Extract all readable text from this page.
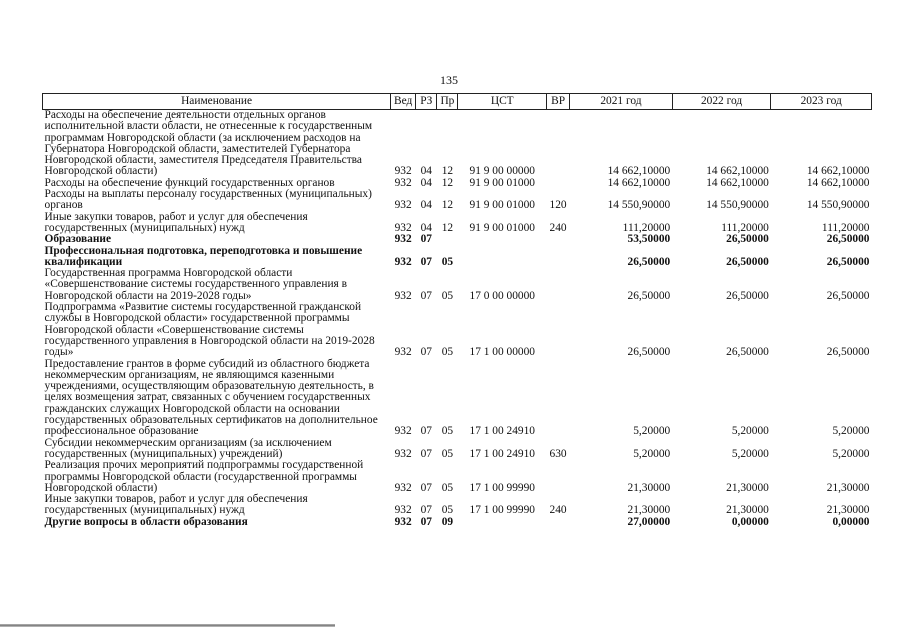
135
Наименование	Вед	РЗ	Пр	ЦСТ	ВР	2021 год	2022 год	2023 год
Расходы на обеспечение деятельности отдельных органов исполнительной власти области, не отнесенные к государственным программам Новгородской области (за исключением расходов на Губернатора Новгородской области, заместителей Губернатора Новгородской области, заместителя Председателя Правительства Новгородской области)	932	04	12	91 9 00 00000		14 662,10000	14 662,10000	14 662,10000
Расходы на обеспечение функций государственных органов	932	04	12	91 9 00 01000		14 662,10000	14 662,10000	14 662,10000
Расходы на выплаты персоналу государственных (муниципальных) органов	932	04	12	91 9 00 01000	120	14 550,90000	14 550,90000	14 550,90000
Иные закупки товаров, работ и услуг для обеспечения государственных (муниципальных) нужд	932	04	12	91 9 00 01000	240	111,20000	111,20000	111,20000
Образование	932	07				53,50000	26,50000	26,50000
Профессиональная подготовка, переподготовка и повышение квалификации	932	07	05			26,50000	26,50000	26,50000
Государственная программа Новгородской области «Совершенствование системы государственного управления в Новгородской области на 2019-2028 годы»	932	07	05	17 0 00 00000		26,50000	26,50000	26,50000
Подпрограмма «Развитие системы государственной гражданской службы в Новгородской области» государственной программы Новгородской области «Совершенствование системы государственного управления в Новгородской области на 2019-2028 годы»	932	07	05	17 1 00 00000		26,50000	26,50000	26,50000
Предоставление грантов в форме субсидий из областного бюджета некоммерческим организациям, не являющимся казенными учреждениями, осуществляющим образовательную деятельность, в целях возмещения затрат, связанных с обучением государственных гражданских служащих Новгородской области на основании государственных образовательных сертификатов на дополнительное профессиональное образование	932	07	05	17 1 00 24910		5,20000	5,20000	5,20000
Субсидии некоммерческим организациям (за исключением государственных (муниципальных) учреждений)	932	07	05	17 1 00 24910	630	5,20000	5,20000	5,20000
Реализация прочих мероприятий подпрограммы государственной программы Новгородской области (государственной программы Новгородской области)	932	07	05	17 1 00 99990		21,30000	21,30000	21,30000
Иные закупки товаров, работ и услуг для обеспечения государственных (муниципальных) нужд	932	07	05	17 1 00 99990	240	21,30000	21,30000	21,30000
Другие вопросы в области образования	932	07	09			27,00000	0,00000	0,00000
